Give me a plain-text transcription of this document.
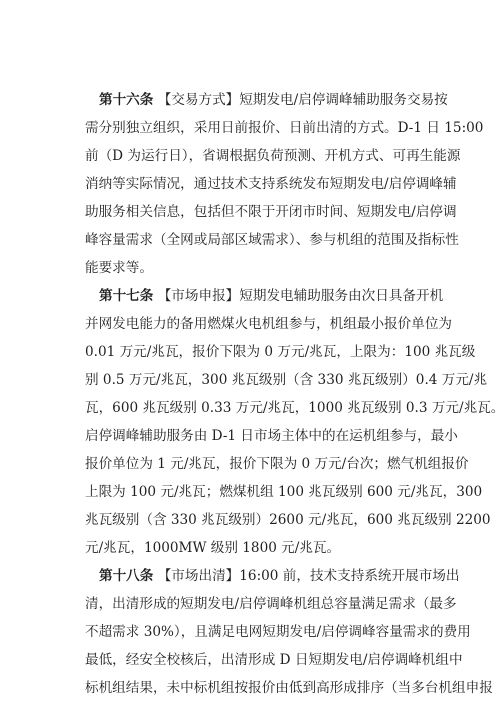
第十六条 【交易方式】短期发电/启停调峰辅助服务交易按
需分别独立组织，采用日前报价、日前出清的方式。D-1 日 15:00
前（D 为运行日），省调根据负荷预测、开机方式、可再生能源
消纳等实际情况，通过技术支持系统发布短期发电/启停调峰辅
助服务相关信息，包括但不限于开闭市时间、短期发电/启停调
峰容量需求（全网或局部区域需求）、参与机组的范围及指标性
能要求等。
第十七条 【市场申报】短期发电辅助服务由次日具备开机
并网发电能力的备用燃煤火电机组参与，机组最小报价单位为
0.01 万元/兆瓦，报价下限为 0 万元/兆瓦，上限为：100 兆瓦级
别 0.5 万元/兆瓦，300 兆瓦级别（含 330 兆瓦级别）0.4 万元/兆
瓦，600 兆瓦级别 0.33 万元/兆瓦，1000 兆瓦级别 0.3 万元/兆瓦。
启停调峰辅助服务由 D-1 日市场主体中的在运机组参与，最小
报价单位为 1 元/兆瓦，报价下限为 0 万元/台次；燃气机组报价
上限为 100 元/兆瓦；燃煤机组 100 兆瓦级别 600 元/兆瓦，300
兆瓦级别（含 330 兆瓦级别）2600 元/兆瓦，600 兆瓦级别 2200
元/兆瓦，1000MW 级别 1800 元/兆瓦。
第十八条 【市场出清】16:00 前，技术支持系统开展市场出
清，出清形成的短期发电/启停调峰机组总容量满足需求（最多
不超需求 30%），且满足电网短期发电/启停调峰容量需求的费用
最低，经安全校核后，出清形成 D 日短期发电/启停调峰机组中
标机组结果，未中标机组按报价由低到高形成排序（当多台机组申报
